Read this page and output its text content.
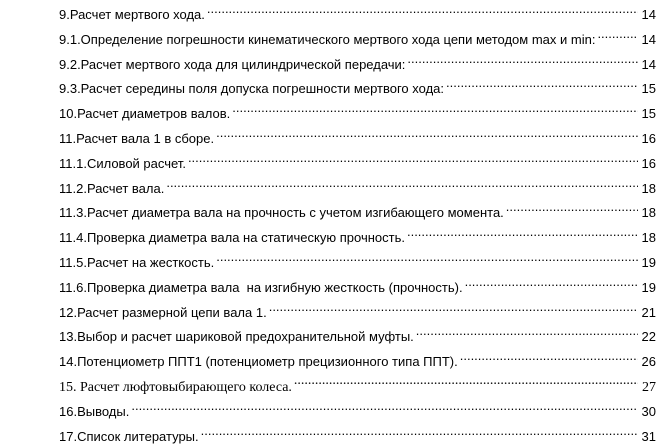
9.Расчет мертвого хода. .....	14
9.1.Определение погрешности кинематического мертвого хода цепи методом max и min: .....	14
9.2.Расчет мертвого хода для цилиндрической передачи: .....	14
9.3.Расчет середины поля допуска погрешности мертвого хода: .....	15
10.Расчет диаметров валов. .....	15
11.Расчет вала 1 в сборе. .....	16
11.1.Силовой расчет. .....	16
11.2.Расчет вала. .....	18
11.3.Расчет диаметра вала на прочность с учетом изгибающего момента. .....	18
11.4.Проверка диаметра вала на статическую прочность. .....	18
11.5.Расчет на жесткость. .....	19
11.6.Проверка диаметра вала  на изгибную жесткость (прочность). .....	19
12.Расчет размерной цепи вала 1. .....	21
13.Выбор и расчет шариковой предохранительной муфты. .....	22
14.Потенциометр ППТ1 (потенциометр прецизионного типа ППТ). .....	26
15. Расчет люфтовыбирающего колеса. .....	27
16.Выводы. .....	30
17.Список литературы. .....	31
